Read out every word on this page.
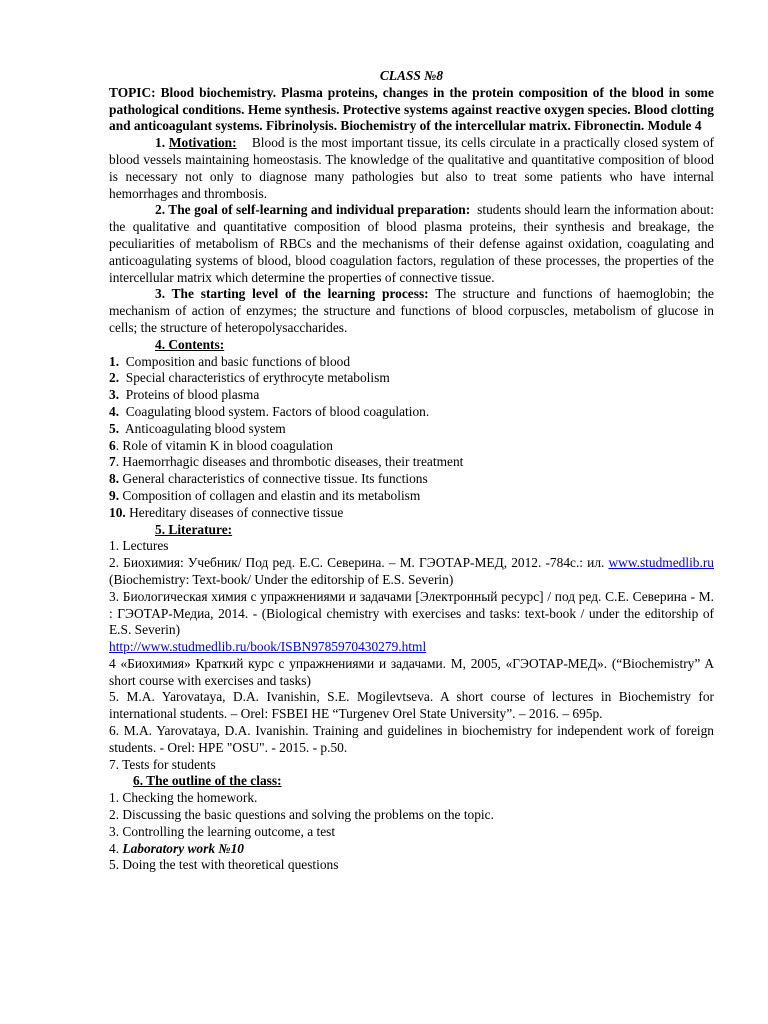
CLASS №8
TOPIC: Blood biochemistry. Plasma proteins, changes in the protein composition of the blood in some pathological conditions. Heme synthesis. Protective systems against reactive oxygen species. Blood clotting and anticoagulant systems. Fibrinolysis. Biochemistry of the intercellular matrix. Fibronectin. Module 4
1. Motivation: Blood is the most important tissue, its cells circulate in a practically closed system of blood vessels maintaining homeostasis. The knowledge of the qualitative and quantitative composition of blood is necessary not only to diagnose many pathologies but also to treat some patients who have internal hemorrhages and thrombosis.
2. The goal of self-learning and individual preparation: students should learn the information about: the qualitative and quantitative composition of blood plasma proteins, their synthesis and breakage, the peculiarities of metabolism of RBCs and the mechanisms of their defense against oxidation, coagulating and anticoagulating systems of blood, blood coagulation factors, regulation of these processes, the properties of the intercellular matrix which determine the properties of connective tissue.
3. The starting level of the learning process: The structure and functions of haemoglobin; the mechanism of action of enzymes; the structure and functions of blood corpuscles, metabolism of glucose in cells; the structure of heteropolysaccharides.
4. Contents:
1. Composition and basic functions of blood
2. Special characteristics of erythrocyte metabolism
3. Proteins of blood plasma
4. Coagulating blood system. Factors of blood coagulation.
5. Anticoagulating blood system
6. Role of vitamin K in blood coagulation
7. Haemorrhagic diseases and thrombotic diseases, their treatment
8. General characteristics of connective tissue. Its functions
9. Composition of collagen and elastin and its metabolism
10. Hereditary diseases of connective tissue
5. Literature:
1. Lectures
2. Биохимия: Учебник/ Под ред. Е.С. Северина. – М. ГЭОТАР-МЕД, 2012. -784с.: ил. www.studmedlib.ru (Biochemistry: Text-book/ Under the editorship of E.S. Severin)
3. Биологическая химия с упражнениями и задачами [Электронный ресурс] / под ред. С.Е. Северина - М. : ГЭОТАР-Медиа, 2014. - (Biological chemistry with exercises and tasks: text-book / under the editorship of E.S. Severin)
http://www.studmedlib.ru/book/ISBN9785970430279.html
4 «Биохимия» Краткий курс с упражнениями и задачами. М, 2005, «ГЭОТАР-МЕД». (“Biochemistry” A short course with exercises and tasks)
5. M.A. Yarovataya, D.A. Ivanishin, S.E. Mogilevtseva. A short course of lectures in Biochemistry for international students. – Orel: FSBEI HE “Turgenev Orel State University”. – 2016. – 695p.
6. M.A. Yarovataya, D.A. Ivanishin. Training and guidelines in biochemistry for independent work of foreign students. - Orel: HPE "OSU". - 2015. - p.50.
7. Tests for students
6. The outline of the class:
1. Checking the homework.
2. Discussing the basic questions and solving the problems on the topic.
3. Controlling the learning outcome, a test
4. Laboratory work №10
5. Doing the test with theoretical questions
